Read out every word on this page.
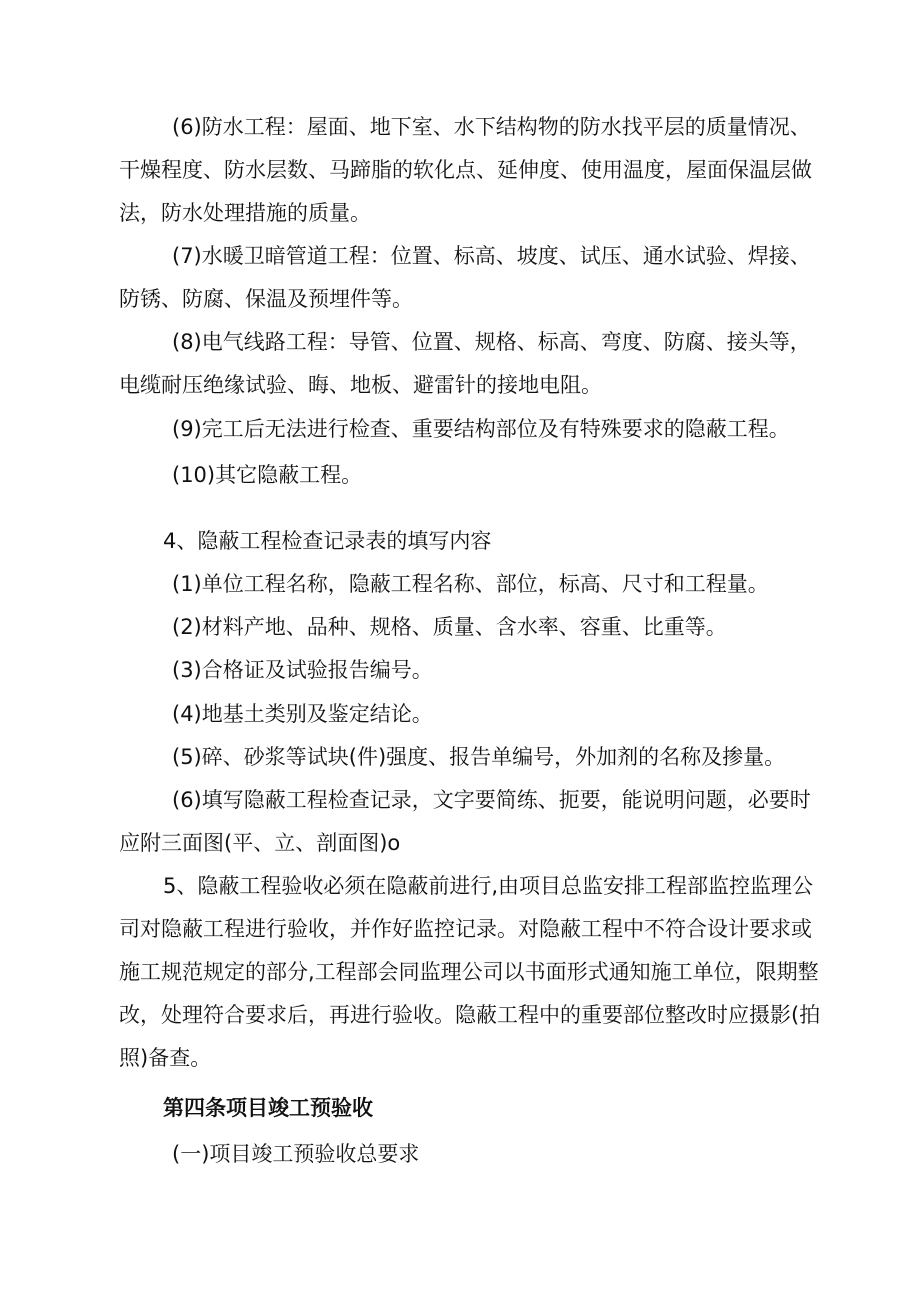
(6)防水工程：屋面、地下室、水下结构物的防水找平层的质量情况、
干燥程度、防水层数、马蹄脂的软化点、延伸度、使用温度，屋面保温层做
法，防水处理措施的质量。
(7)水暖卫暗管道工程：位置、标高、坡度、试压、通水试验、焊接、
防锈、防腐、保温及预埋件等。
(8)电气线路工程：导管、位置、规格、标高、弯度、防腐、接头等，
电缆耐压绝缘试验、晦、地板、避雷针的接地电阻。
(9)完工后无法进行检查、重要结构部位及有特殊要求的隐蔽工程。
(10)其它隐蔽工程。
4、隐蔽工程检查记录表的填写内容
(1)单位工程名称，隐蔽工程名称、部位，标高、尺寸和工程量。
(2)材料产地、品种、规格、质量、含水率、容重、比重等。
(3)合格证及试验报告编号。
(4)地基土类别及鉴定结论。
(5)碎、砂浆等试块(件)强度、报告单编号，外加剂的名称及掺量。
(6)填写隐蔽工程检查记录，文字要简练、扼要，能说明问题，必要时
应附三面图(平、立、剖面图)o
5、隐蔽工程验收必须在隐蔽前进行,由项目总监安排工程部监控监理公
司对隐蔽工程进行验收，并作好监控记录。对隐蔽工程中不符合设计要求或
施工规范规定的部分,工程部会同监理公司以书面形式通知施工单位，限期整
改，处理符合要求后，再进行验收。隐蔽工程中的重要部位整改时应摄影(拍
照)备查。
第四条项目竣工预验收
(一)项目竣工预验收总要求
